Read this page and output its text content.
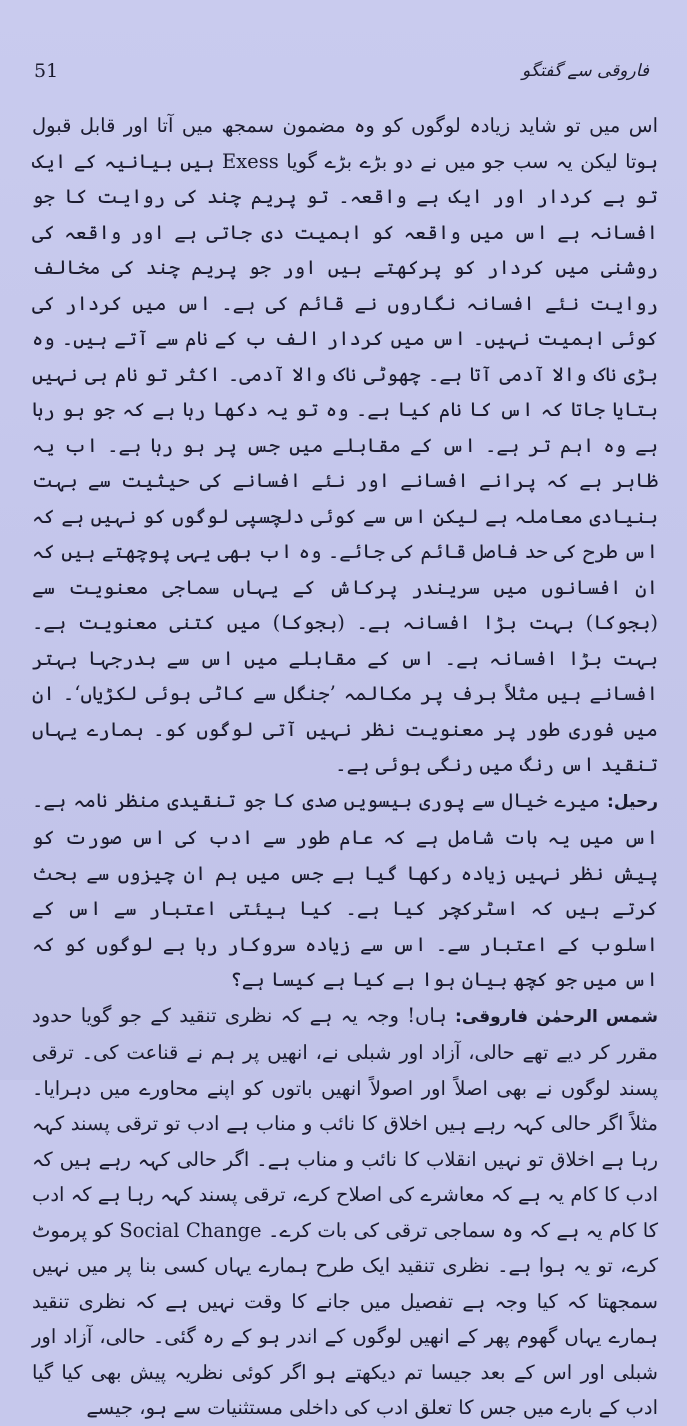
51	فاروقی سے گفتگو

اس میں تو شاید زیادہ لوگوں کو وہ مضمون سمجھ میں آتا اور قابل قبول ہوتا لیکن یہ سب جو میں نے دو بڑے بڑے گویا Exess ہیں بیانیہ کے ایک تو ہے کردار اور ایک ہے واقعہ۔ تو پریم چند کی روایت کا جو افسانہ ہے اس میں واقعہ کو اہمیت دی جاتی ہے اور واقعہ کی روشنی میں کردار کو پرکھتے ہیں اور جو پریم چند کی مخالف روایت نئے افسانہ نگاروں نے قائم کی ہے۔ اس میں کردار کی کوئی اہمیت نہیں۔ اس میں کردار الف ب کے نام سے آتے ہیں۔ وہ بڑی ناک والا آدمی آتا ہے۔ چھوٹی ناک والا آدمی۔ اکثر تو نام ہی نہیں بتایا جاتا کہ اس کا نام کیا ہے۔ وہ تو یہ دکھا رہا ہے کہ جو ہو رہا ہے وہ اہم تر ہے۔ اس کے مقابلے میں جس پر ہو رہا ہے۔ اب یہ ظاہر ہے کہ پرانے افسانے اور نئے افسانے کی حیثیت سے بہت بنیادی معاملہ ہے لیکن اس سے کوئی دلچسپی لوگوں کو نہیں ہے کہ اس طرح کی حد فاصل قائم کی جائے۔ وہ اب بھی یہی پوچھتے ہیں کہ ان افسانوں میں سریندر پرکاش کے یہاں سماجی معنویت سے (بجوکا) بہت بڑا افسانہ ہے۔ (بجوکا) میں کتنی معنویت ہے۔ بہت بڑا افسانہ ہے۔ اس کے مقابلے میں اس سے بدرجہا بہتر افسانے ہیں مثلاً برف پر مکالمہ ’جنگل سے کاٹی ہوئی لکڑیاں‘۔ ان میں فوری طور پر معنویت نظر نہیں آتی لوگوں کو۔ ہمارے یہاں تنقید اس رنگ میں رنگی ہوئی ہے۔

رحیل: میرے خیال سے پوری بیسویں صدی کا جو تنقیدی منظر نامہ ہے۔ اس میں یہ بات شامل ہے کہ عام طور سے ادب کی اس صورت کو پیش نظر نہیں زیادہ رکھا گیا ہے جس میں ہم ان چیزوں سے بحث کرتے ہیں کہ اسٹرکچر کیا ہے۔ کیا ہیئتی اعتبار سے اس کے اسلوب کے اعتبار سے۔ اس سے زیادہ سروکار رہا ہے لوگوں کو کہ اس میں جو کچھ بیان ہوا ہے کیا ہے کیسا ہے؟

شمس الرحمٰن فاروقی: ہاں! وجہ یہ ہے کہ نظری تنقید کے جو گویا حدود مقرر کر دیے تھے حالی، آزاد اور شبلی نے، انھیں پر ہم نے قناعت کی۔ ترقی پسند لوگوں نے بھی اصلاً اور اصولاً انھیں باتوں کو اپنے محاورے میں دہرایا۔ مثلاً اگر حالی کہہ رہے ہیں اخلاق کا نائب و مناب ہے ادب تو ترقی پسند کہہ رہا ہے اخلاق تو نہیں انقلاب کا نائب و مناب ہے۔ اگر حالی کہہ رہے ہیں کہ ادب کا کام یہ ہے کہ معاشرے کی اصلاح کرے، ترقی پسند کہہ رہا ہے کہ ادب کا کام یہ ہے کہ وہ سماجی ترقی کی بات کرے۔ Social Change کو پرموٹ کرے، تو یہ ہوا ہے۔ نظری تنقید ایک طرح ہمارے یہاں کسی بنا پر میں نہیں سمجھتا کہ کیا وجہ ہے تفصیل میں جانے کا وقت نہیں ہے کہ نظری تنقید ہمارے یہاں گھوم پھر کے انھیں لوگوں کے اندر ہو کے رہ گئی۔ حالی، آزاد اور شبلی اور اس کے بعد جیسا تم دیکھتے ہو اگر کوئی نظریہ پیش بھی کیا گیا ادب کے بارے میں جس کا تعلق ادب کی داخلی مستثنیات سے ہو، جیسے
